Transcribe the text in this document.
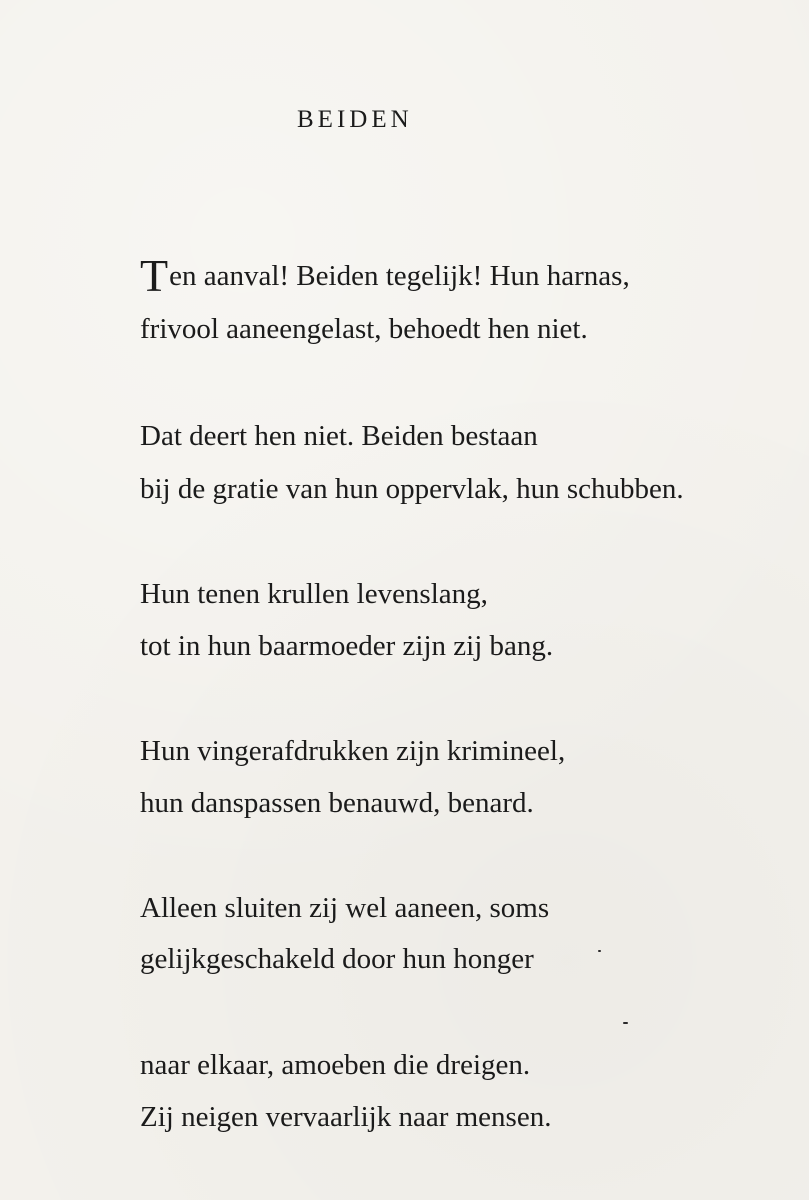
BEIDEN
Ten aanval! Beiden tegelijk! Hun harnas,
frivool aaneengelast, behoedt hen niet.
Dat deert hen niet. Beiden bestaan
bij de gratie van hun oppervlak, hun schubben.
Hun tenen krullen levenslang,
tot in hun baarmoeder zijn zij bang.
Hun vingerafdrukken zijn krimineel,
hun danspassen benauwd, benard.
Alleen sluiten zij wel aaneen, soms
gelijkgeschakeld door hun honger
naar elkaar, amoeben die dreigen.
Zij neigen vervaarlijk naar mensen.
